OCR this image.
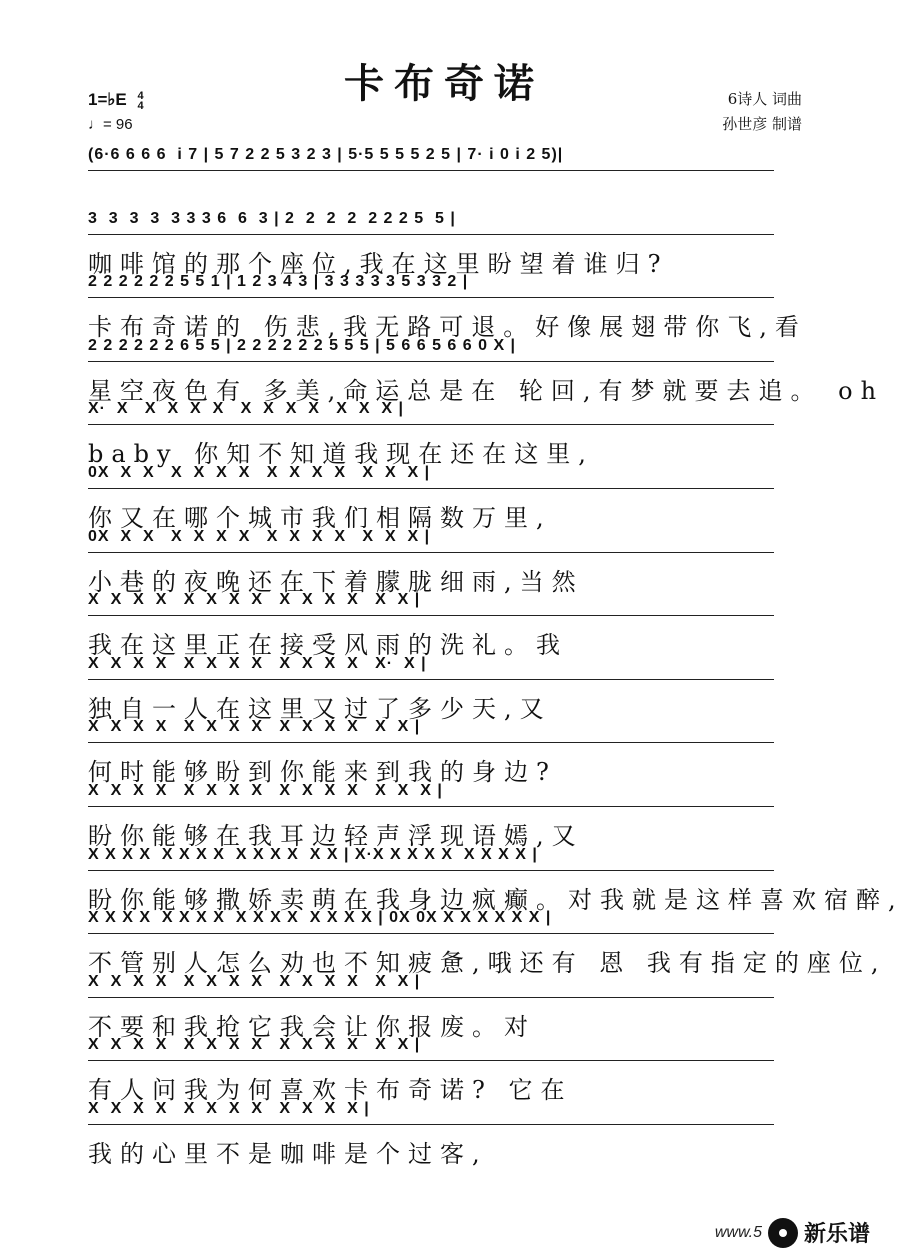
卡布奇诺
1=♭E 4
4
♩= 96
6诗人 词曲
孙世彦 制谱
(6·6 6 6 6  i 7 | 5 7 2 2 5 3 2 3 | 5·5 5 5 5 2 5 | 7· i 0 i 2 5)|
3  3  3  3  3 3 3 6  6  3 | 2  2  2  2  2 2 2 5  5 |
咖啡馆的那个座位,我在这里盼望着谁归?
2 2 2 2 2 2 5 5 1 | 1 2 3 4 3 | 3 3 3 3 3 5 3 3 2 |
卡布奇诺的 伤悲,我无路可退。好像展翅带你飞,看
2 2 2 2 2 2 6 5 5 | 2 2 2 2 2 2 5 5 5 | 5 6 6 5 6 6 0 X |
星空夜色有 多美,命运总是在 轮回,有梦就要去追。 oh
X·  X   X  X  X  X   X  X  X  X   X  X  X |
baby 你知不知道我现在还在这里,
0X  X  X   X  X  X  X   X  X  X  X   X  X  X |
你又在哪个城市我们相隔数万里,
0X  X  X   X  X  X  X   X  X  X  X   X  X  X |
小巷的夜晚还在下着朦胧细雨,当然
X  X  X  X   X  X  X  X   X  X  X  X   X  X |
我在这里正在接受风雨的洗礼。我
X  X  X  X   X  X  X  X   X  X  X  X   X·  X |
独自一人在这里又过了多少天,又
X  X  X  X   X  X  X  X   X  X  X  X   X  X |
何时能够盼到你能来到我的身边?
X  X  X  X   X  X  X  X   X  X  X  X   X  X  X |
盼你能够在我耳边轻声浮现语嫣,又
X X X X  X X X X  X X X X  X X | X·X X X X X  X X X X |
盼你能够撒娇卖萌在我身边疯癫。对我就是这样喜欢宿醉,
X X X X  X X X X  X X X X  X X X X | 0X 0X X X X X X X |
不管别人怎么劝也不知疲惫,哦还有 恩 我有指定的座位,
X  X  X  X   X  X  X  X   X  X  X  X   X  X |
不要和我抢它我会让你报废。对
X  X  X  X   X  X  X  X   X  X  X  X   X  X |
有人问我为何喜欢卡布奇诺? 它在
X  X  X  X   X  X  X  X   X  X  X  X |
我的心里不是咖啡是个过客,
www.5 新乐谱
